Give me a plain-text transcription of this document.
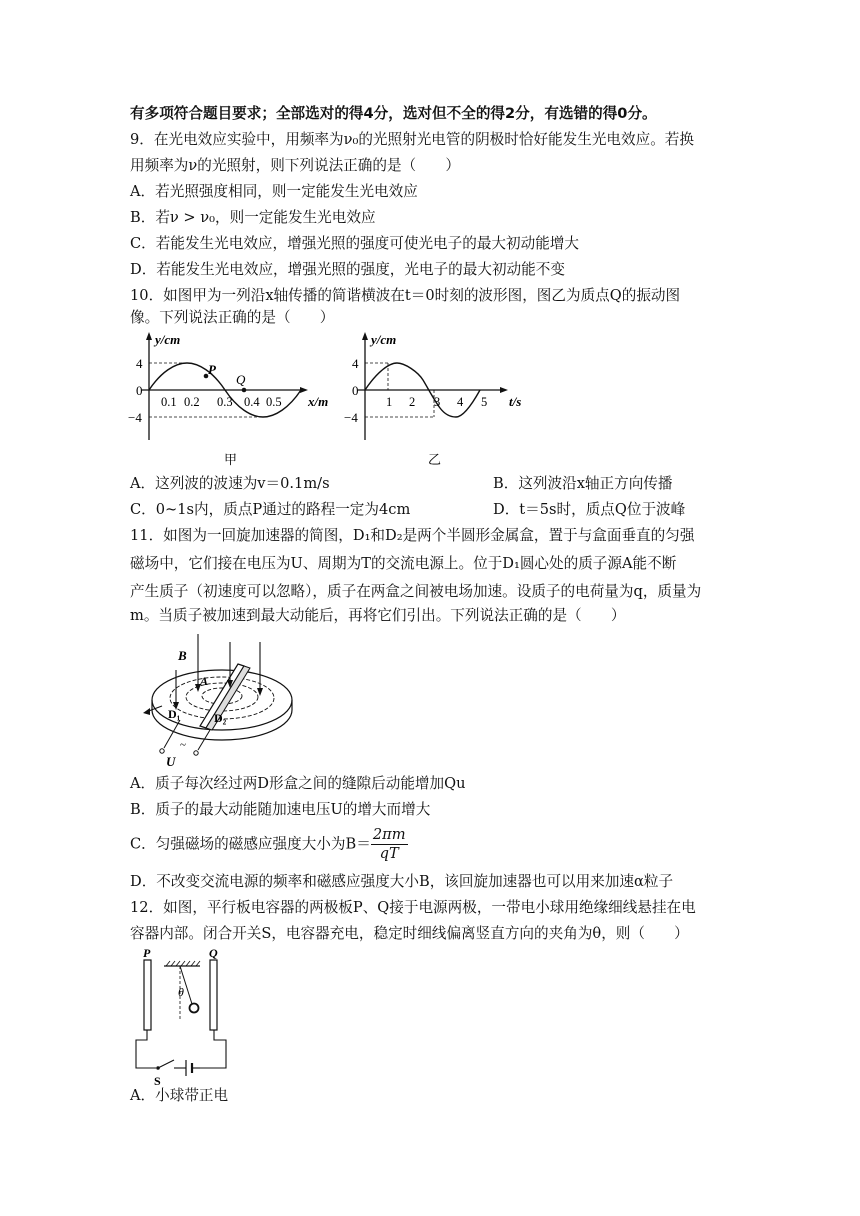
有多项符合题目要求；全部选对的得4分，选对但不全的得2分，有选错的得0分。
9．在光电效应实验中，用频率为ν₀的光照射光电管的阴极时恰好能发生光电效应。若换
用频率为ν的光照射，则下列说法正确的是（　　）
A．若光照强度相同，则一定能发生光电效应
B．若ν > ν₀，则一定能发生光电效应
C．若能发生光电效应，增强光照的强度可使光电子的最大初动能增大
D．若能发生光电效应，增强光照的强度，光电子的最大初动能不变
10．如图甲为一列沿x轴传播的简谐横波在t＝0时刻的波形图，图乙为质点Q的振动图
像。下列说法正确的是（　　）
P
Q
y/cm
x/m
4
0
−4
0.1 0.2 0.3 0.4 0.5
甲
y/cm
t/s
4
0
−4
1 2 3 4 5
乙
A．这列波的波速为v＝0.1m/s	B．这列波沿x轴正方向传播
C．0~1s内，质点P通过的路程一定为4cm	D．t＝5s时，质点Q位于波峰
11．如图为一回旋加速器的简图，D₁和D₂是两个半圆形金属盒，置于与盒面垂直的匀强
磁场中，它们接在电压为U、周期为T的交流电源上。位于D₁圆心处的质子源A能不断
产生质子（初速度可以忽略），质子在两盒之间被电场加速。设质子的电荷量为q，质量为
m。当质子被加速到最大动能后，再将它们引出。下列说法正确的是（　　）
~
B
A
D₁	D₂
U
A．质子每次经过两D形盒之间的缝隙后动能增加Qu
B．质子的最大动能随加速电压U的增大而增大
C．匀强磁场的磁感应强度大小为$B= \frac{2\pi m}{qT}$
D．不改变交流电源的频率和磁感应强度大小B，该回旋加速器也可以用来加速α粒子
12．如图，平行板电容器的两极板P、Q接于电源两极，一带电小球用绝缘细线悬挂在电
容器内部。闭合开关S，电容器充电，稳定时细线偏离竖直方向的夹角为θ，则（　　）
θ
P	Q
S
A．小球带正电
